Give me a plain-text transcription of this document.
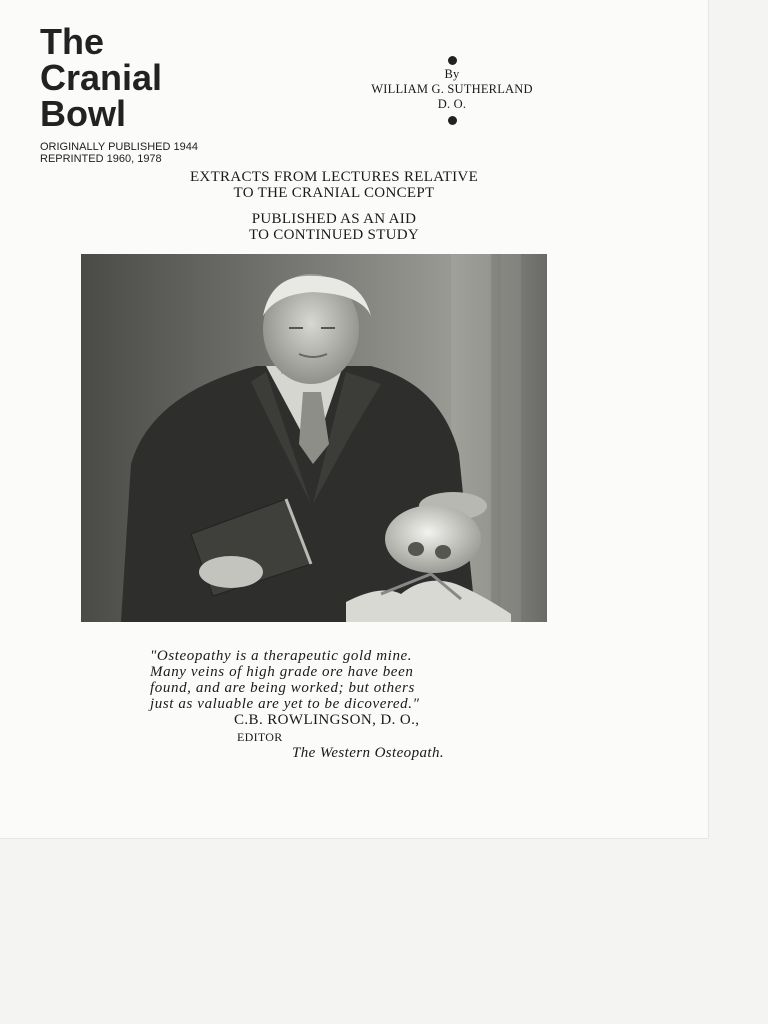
The
Cranial
Bowl
ORIGINALLY PUBLISHED 1944
REPRINTED 1960, 1978
By
WILLIAM G. SUTHERLAND
D. O.
EXTRACTS FROM LECTURES RELATIVE
TO THE CRANIAL CONCEPT
PUBLISHED AS AN AID
TO CONTINUED STUDY
"Osteopathy is a therapeutic gold mine.
Many veins of high grade ore have been
found, and are being worked; but others
just as valuable are yet to be dicovered."
C.B. ROWLINGSON, D. O.,
EDITOR
The Western Osteopath.
